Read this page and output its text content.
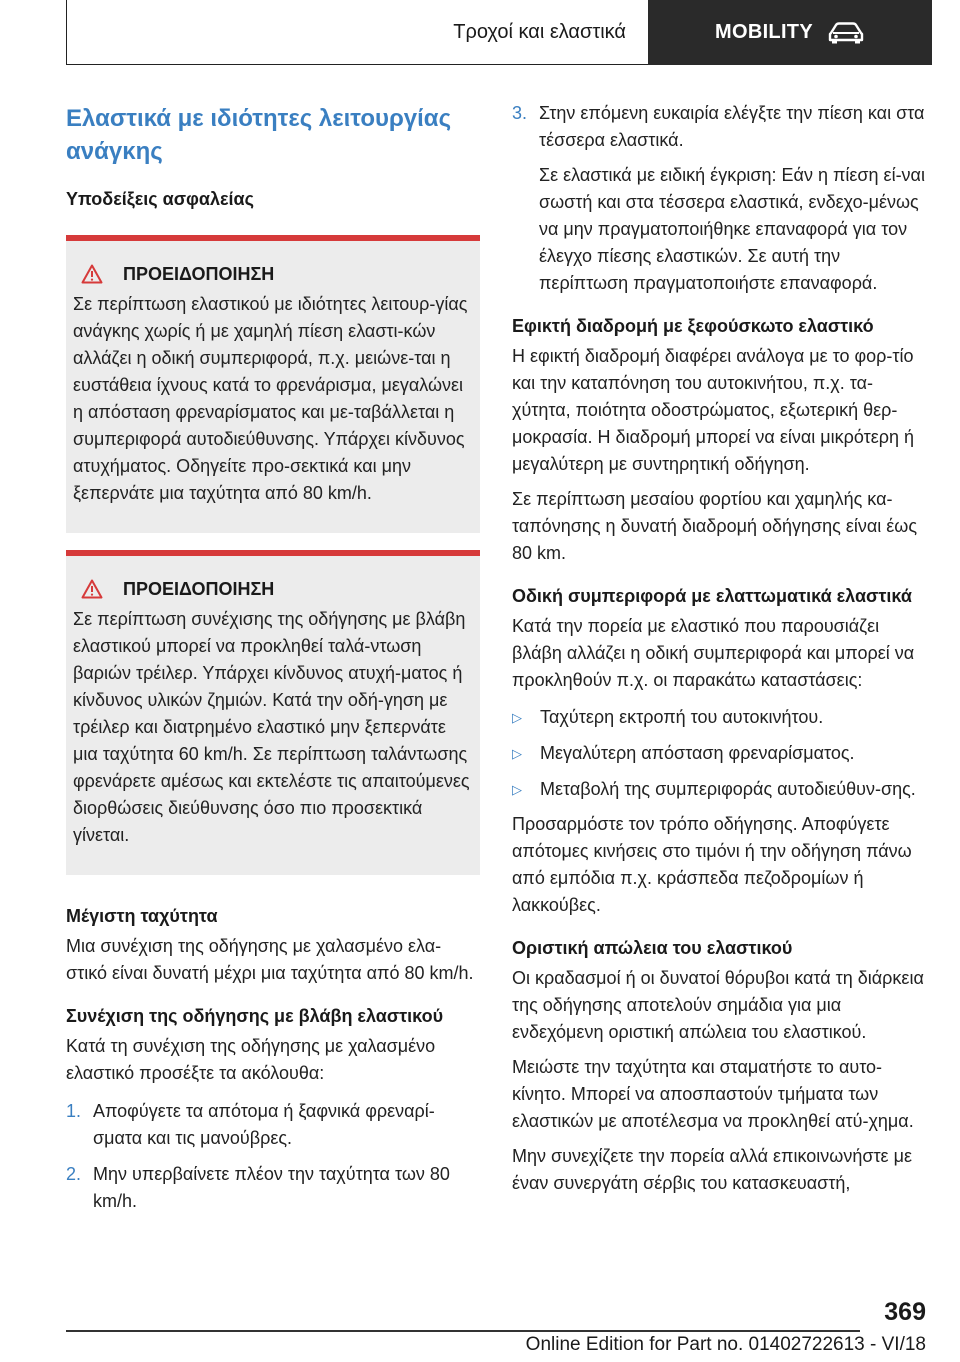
Τροχοί και ελαστικά	MOBILITY
Ελαστικά με ιδιότητες λειτουργίας ανάγκης
Υποδείξεις ασφαλείας
ΠΡΟΕΙΔΟΠΟΙΗΣΗ

Σε περίπτωση ελαστικού με ιδιότητες λειτουρ‐γίας ανάγκης χωρίς ή με χαμηλή πίεση ελαστι‐κών αλλάζει η οδική συμπεριφορά, π.χ. μειώνε‐ται η ευστάθεια ίχνους κατά το φρενάρισμα, μεγαλώνει η απόσταση φρεναρίσματος και με‐ταβάλλεται η συμπεριφορά αυτοδιεύθυνσης. Υπάρχει κίνδυνος ατυχήματος. Οδηγείτε προ‐σεκτικά και μην ξεπερνάτε μια ταχύτητα από 80 km/h.

ΠΡΟΕΙΔΟΠΟΙΗΣΗ

Σε περίπτωση συνέχισης της οδήγησης με βλάβη ελαστικού μπορεί να προκληθεί ταλά‐ντωση βαριών τρέιλερ. Υπάρχει κίνδυνος ατυχή‐ματος ή κίνδυνος υλικών ζημιών. Κατά την οδή‐γηση με τρέιλερ και διατρημένο ελαστικό μην ξεπερνάτε μια ταχύτητα 60 km/h. Σε περίπτωση ταλάντωσης φρενάρετε αμέσως και εκτελέστε τις απαιτούμενες διορθώσεις διεύθυνσης όσο πιο προσεκτικά γίνεται.

Μέγιστη ταχύτητα

Μια συνέχιση της οδήγησης με χαλασμένο ελα‐στικό είναι δυνατή μέχρι μια ταχύτητα από 80 km/h.

Συνέχιση της οδήγησης με βλάβη ελαστικού

Κατά τη συνέχιση της οδήγησης με χαλασμένο ελαστικό προσέξτε τα ακόλουθα:

1. Αποφύγετε τα απότομα ή ξαφνικά φρεναρί‐σματα και τις μανούβρες.
2. Μην υπερβαίνετε πλέον την ταχύτητα των 80 km/h.
3. Στην επόμενη ευκαιρία ελέγξτε την πίεση και στα τέσσερα ελαστικά.
Σε ελαστικά με ειδική έγκριση: Εάν η πίεση εί‐ναι σωστή και στα τέσσερα ελαστικά, ενδεχο‐μένως να μην πραγματοποιήθηκε επαναφορά για τον έλεγχο πίεσης ελαστικών. Σε αυτή την περίπτωση πραγματοποιήστε επαναφορά.
Εφικτή διαδρομή με ξεφούσκωτο ελαστικό

Η εφικτή διαδρομή διαφέρει ανάλογα με το φορ‐τίο και την καταπόνηση του αυτοκινήτου, π.χ. τα‐χύτητα, ποιότητα οδοστρώματος, εξωτερική θερ‐μοκρασία. Η διαδρομή μπορεί να είναι μικρότερη ή μεγαλύτερη με συντηρητική οδήγηση.

Σε περίπτωση μεσαίου φορτίου και χαμηλής κα‐ταπόνησης η δυνατή διαδρομή οδήγησης είναι έως 80 km.

Οδική συμπεριφορά με ελαττωματικά ελαστικά

Κατά την πορεία με ελαστικό που παρουσιάζει βλάβη αλλάζει η οδική συμπεριφορά και μπορεί να προκληθούν π.χ. οι παρακάτω καταστάσεις:

▷	Ταχύτερη εκτροπή του αυτοκινήτου.
▷	Μεγαλύτερη απόσταση φρεναρίσματος.
▷	Μεταβολή της συμπεριφοράς αυτοδιεύθυν‐σης.

Προσαρμόστε τον τρόπο οδήγησης. Αποφύγετε απότομες κινήσεις στο τιμόνι ή την οδήγηση πάνω από εμπόδια π.χ. κράσπεδα πεζοδρομίων ή λακκούβες.

Οριστική απώλεια του ελαστικού

Οι κραδασμοί ή οι δυνατοί θόρυβοι κατά τη διάρκεια της οδήγησης αποτελούν σημάδια για μια ενδεχόμενη οριστική απώλεια του ελαστικού.

Μειώστε την ταχύτητα και σταματήστε το αυτο‐κίνητο. Μπορεί να αποσπαστούν τμήματα των ελαστικών με αποτέλεσμα να προκληθεί ατύ‐χημα.

Μην συνεχίζετε την πορεία αλλά επικοινωνήστε με έναν συνεργάτη σέρβις του κατασκευαστή,

369
Online Edition for Part no. 01402722613 - VI/18
